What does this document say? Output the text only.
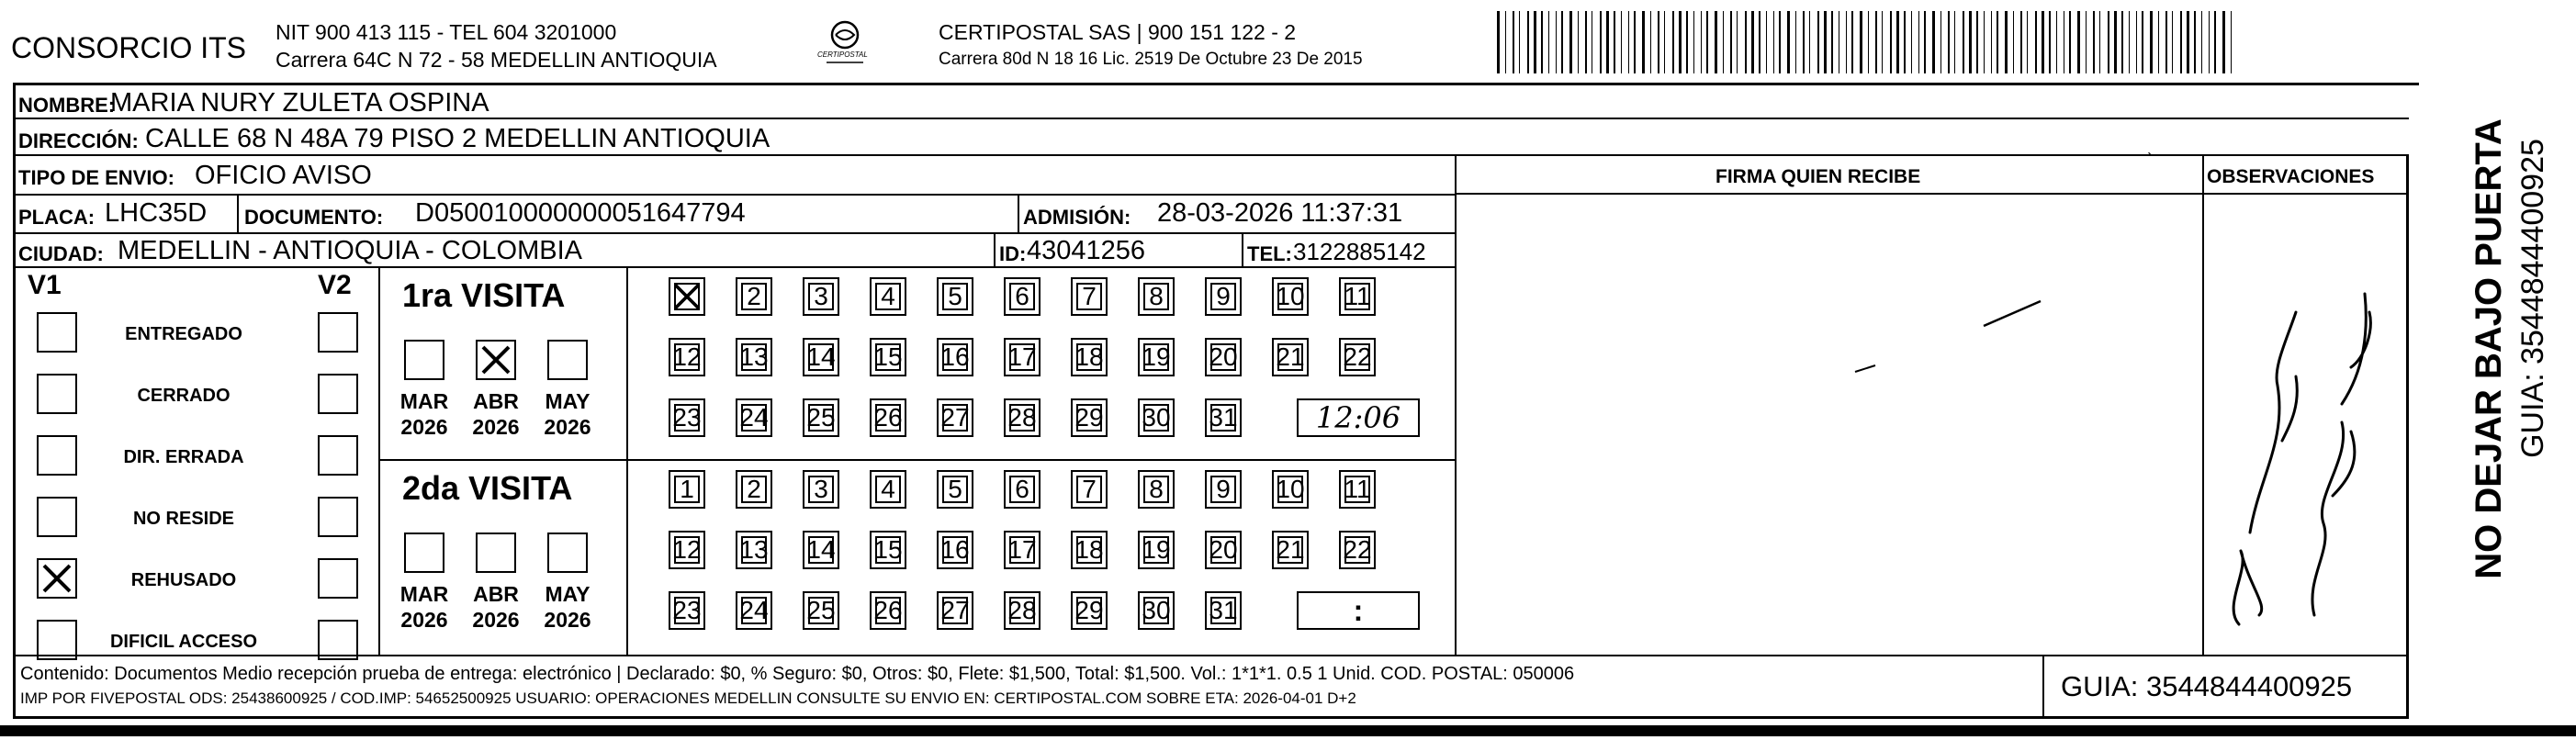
CONSORCIO ITS NIT 900 413 115 - TEL 604 3201000
Carrera 64C N 72 - 58 MEDELLIN ANTIOQUIA	CERTIPOSTAL
CERTIPOSTAL SAS | 900 151 122 - 2
Carrera 80d N 18 16 Lic. 2519 De Octubre 23 De 2015
NOMBRE:
MARIA NURY ZULETA OSPINA
DIRECCIÓN: CALLE 68 N 48A 79 PISO 2 MEDELLIN ANTIOQUIA
TIPO DE ENVIO: OFICIO AVISO	FIRMA QUIEN RECIBE	OBSERVACIONES
PLACA: LHC35D DOCUMENTO: D050010000000051647794	ADMISIÓN: 28-03-2026 11:37:31
CIUDAD: MEDELLIN - ANTIOQUIA - COLOMBIA	ID: 43041256	TEL: 3122885142
V1	V2
ENTREGADO
CERRADO
DIR. ERRADA
NO RESIDE
REHUSADO
DIFICIL ACCESO
1ra VISITA
MAR
2026
ABR
2026
MAY
2026
2 3 4 5 6 7 8 9 10 11
12 13 14 15 16 17 18 19 20 21 22
23 24 25 26 27 28 29 30 31	12:06
2da VISITA
MAR
2026
ABR
2026
MAY
2026
1 2 3 4 5 6 7 8 9 10 11
12 13 14 15 16 17 18 19 20 21 22
23 24 25 26 27 28 29 30 31	:
`	NO DEJAR BAJO PUERTA GUIA: 3544844400925
Contenido: Documentos Medio recepción prueba de entrega: electrónico | Declarado: $0, % Seguro: $0, Otros: $0, Flete: $1,500, Total: $1,500. Vol.: 1*1*1. 0.5 1 Unid. COD. POSTAL: 050006
IMP POR FIVEPOSTAL ODS: 25438600925 / COD.IMP: 54652500925 USUARIO: OPERACIONES MEDELLIN CONSULTE SU ENVIO EN: CERTIPOSTAL.COM SOBRE ETA: 2026-04-01 D+2	GUIA: 3544844400925
